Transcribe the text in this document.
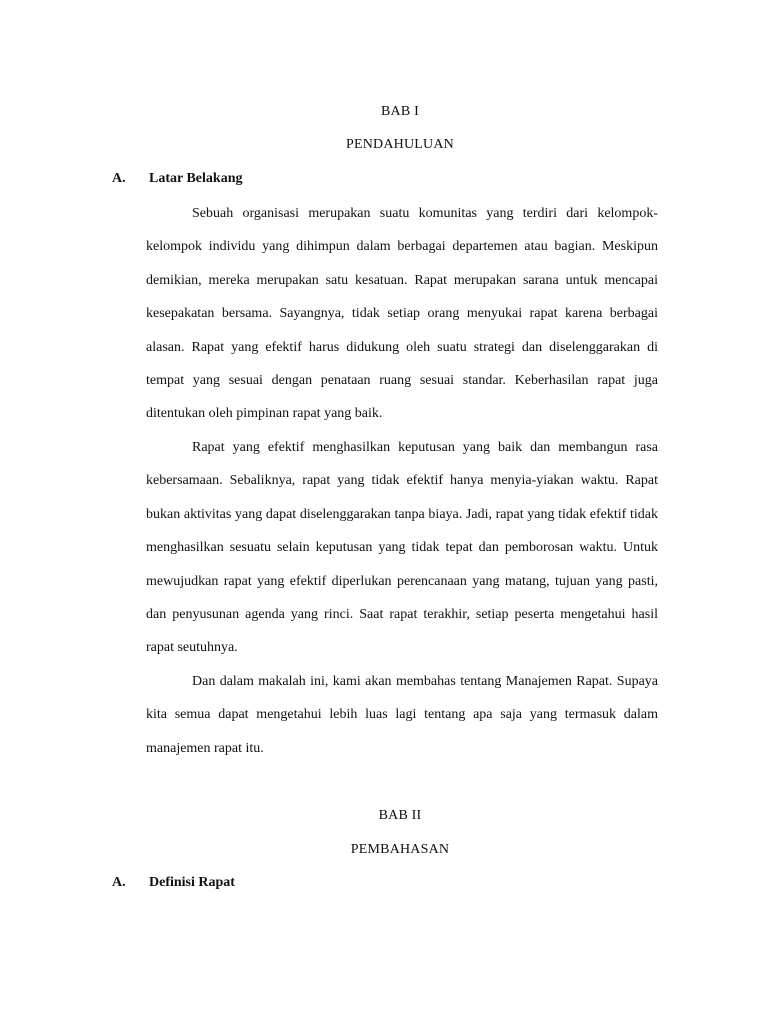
BAB I
PENDAHULUAN
A. Latar Belakang

Sebuah organisasi merupakan suatu komunitas yang terdiri dari kelompok-kelompok individu yang dihimpun dalam berbagai departemen atau bagian. Meskipun demikian, mereka merupakan satu kesatuan. Rapat merupakan sarana untuk mencapai kesepakatan bersama. Sayangnya, tidak setiap orang menyukai rapat karena berbagai alasan. Rapat yang efektif harus didukung oleh suatu strategi dan diselenggarakan di tempat yang sesuai dengan penataan ruang sesuai standar. Keberhasilan rapat juga ditentukan oleh pimpinan rapat yang baik.

Rapat yang efektif menghasilkan keputusan yang baik dan membangun rasa kebersamaan. Sebaliknya, rapat yang tidak efektif hanya menyia-yiakan waktu. Rapat bukan aktivitas yang dapat diselenggarakan tanpa biaya. Jadi, rapat yang tidak efektif tidak menghasilkan sesuatu selain keputusan yang tidak tepat dan pemborosan waktu. Untuk mewujudkan rapat yang efektif diperlukan perencanaan yang matang, tujuan yang pasti, dan penyusunan agenda yang rinci. Saat rapat terakhir, setiap peserta mengetahui hasil rapat seutuhnya.

Dan dalam makalah ini, kami akan membahas tentang Manajemen Rapat. Supaya kita semua dapat mengetahui lebih luas lagi tentang apa saja yang termasuk dalam manajemen rapat itu.

BAB II
PEMBAHASAN
A. Definisi Rapat
